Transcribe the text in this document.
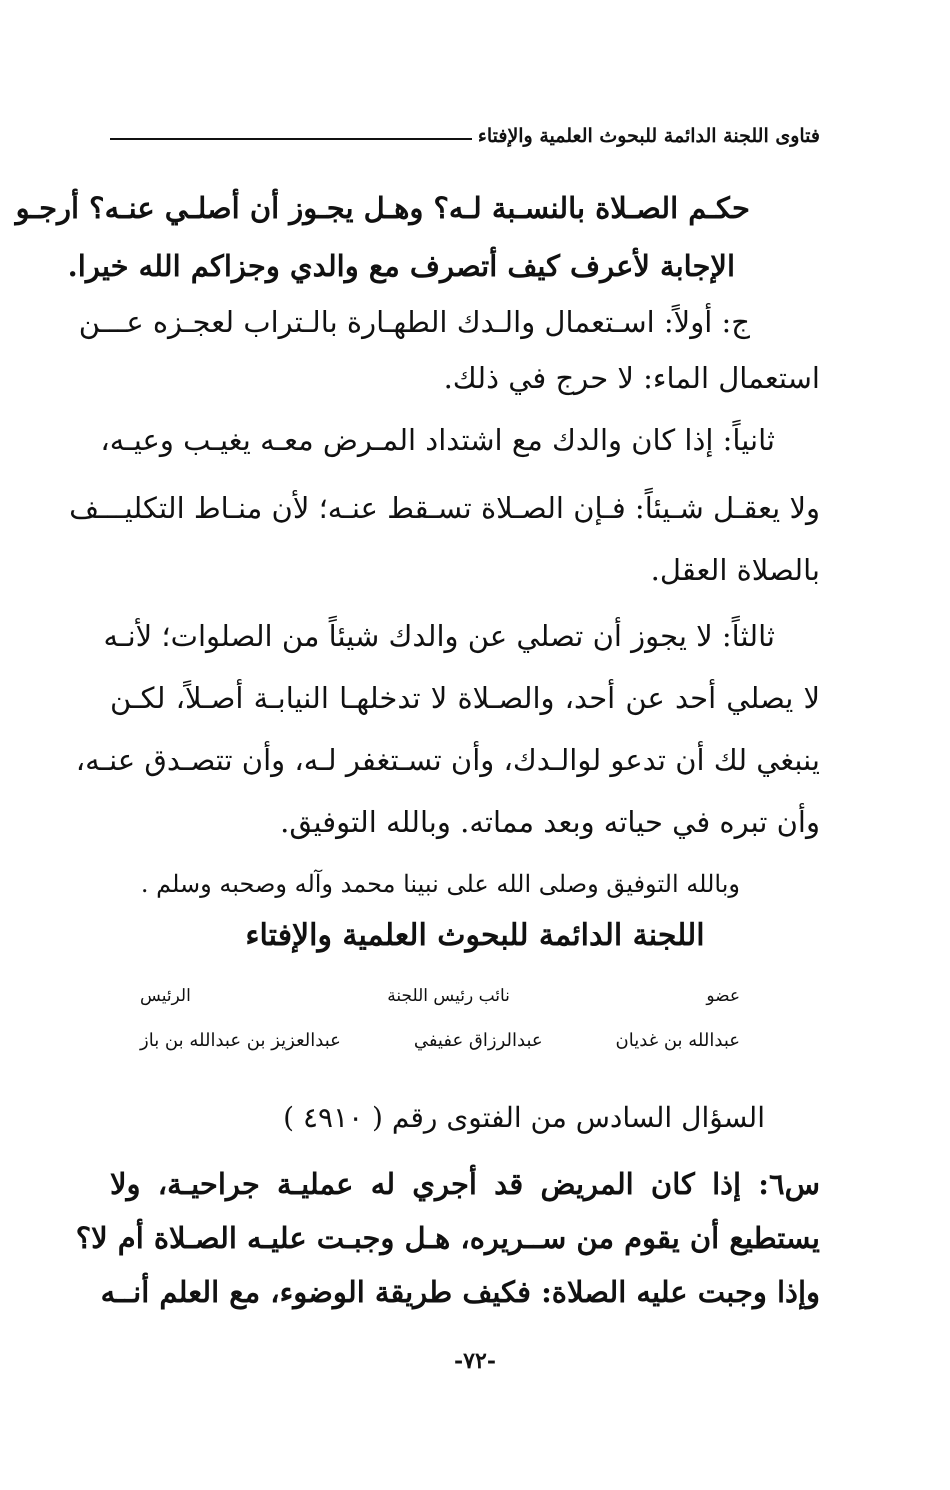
فتاوى اللجنة الدائمة للبحوث العلمية والإفتاء
حكـم الصـلاة بالنسـبة لـه؟ وهـل يجـوز أن أصلـي عنـه؟ أرجـو
الإجابة لأعرف كيف أتصرف مع والدي وجزاكم الله خيرا.
ج: أولاً: اسـتعمال والـدك الطهـارة بالـتراب لعجـزه عـــن
استعمال الماء: لا حرج في ذلك.
ثانياً: إذا كان والدك مع اشتداد المـرض معـه يغيـب وعيـه،
ولا يعقـل شـيئاً: فـإن الصـلاة تسـقط عنـه؛ لأن منـاط التكليـــف
بالصلاة العقل.
ثالثاً: لا يجوز أن تصلي عن والدك شيئاً من الصلوات؛ لأنـه
لا يصلي أحد عن أحد، والصـلاة لا تدخلهـا النيابـة أصـلاً، لكـن
ينبغي لك أن تدعو لوالـدك، وأن تسـتغفر لـه، وأن تتصـدق عنـه،
وأن تبره في حياته وبعد مماته. وبالله التوفيق.
وبالله التوفيق وصلى الله على نبينا محمد وآله وصحبه وسلم .
اللجنة الدائمة للبحوث العلمية والإفتاء
عضو
نائب رئيس اللجنة
الرئيس
عبدالله بن غديان
عبدالرزاق عفيفي
عبدالعزيز بن عبدالله بن باز
السؤال السادس من الفتوى رقم ( ٤٩١٠ )
س٦: إذا كان المريض قد أجري له عمليـة جراحيـة، ولا
يستطيع أن يقوم من ســريره، هـل وجبـت عليـه الصـلاة أم لا؟
وإذا وجبت عليه الصلاة: فكيف طريقة الوضوء، مع العلم أنــه
-٧٢-
